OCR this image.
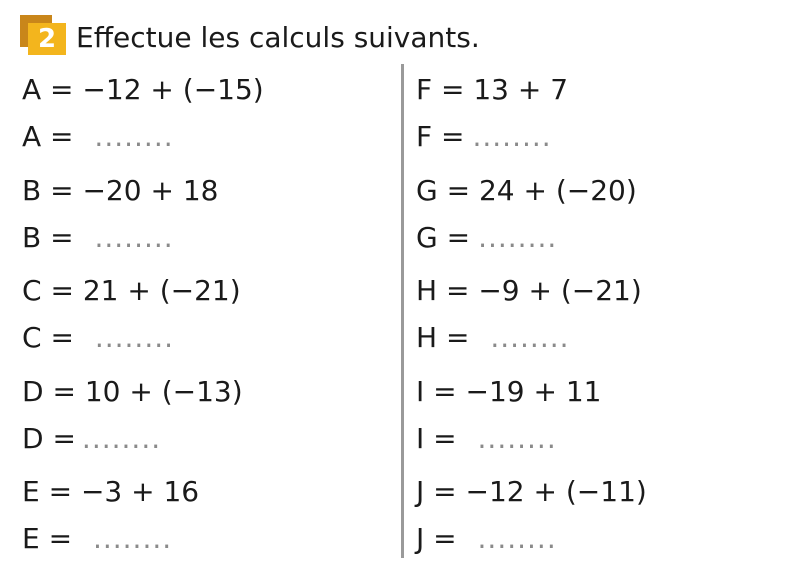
2 Effectue les calculs suivants.
A = −12 + (−15)
A = ........
B = −20 + 18
B = ........
C = 21 + (−21)
C = ........
D = 10 + (−13)
D = ........
E = −3 + 16
E = ........
F = 13 + 7
F = ........
G = 24 + (−20)
G = ........
H = −9 + (−21)
H = ........
I = −19 + 11
I = ........
J = −12 + (−11)
J = ........
